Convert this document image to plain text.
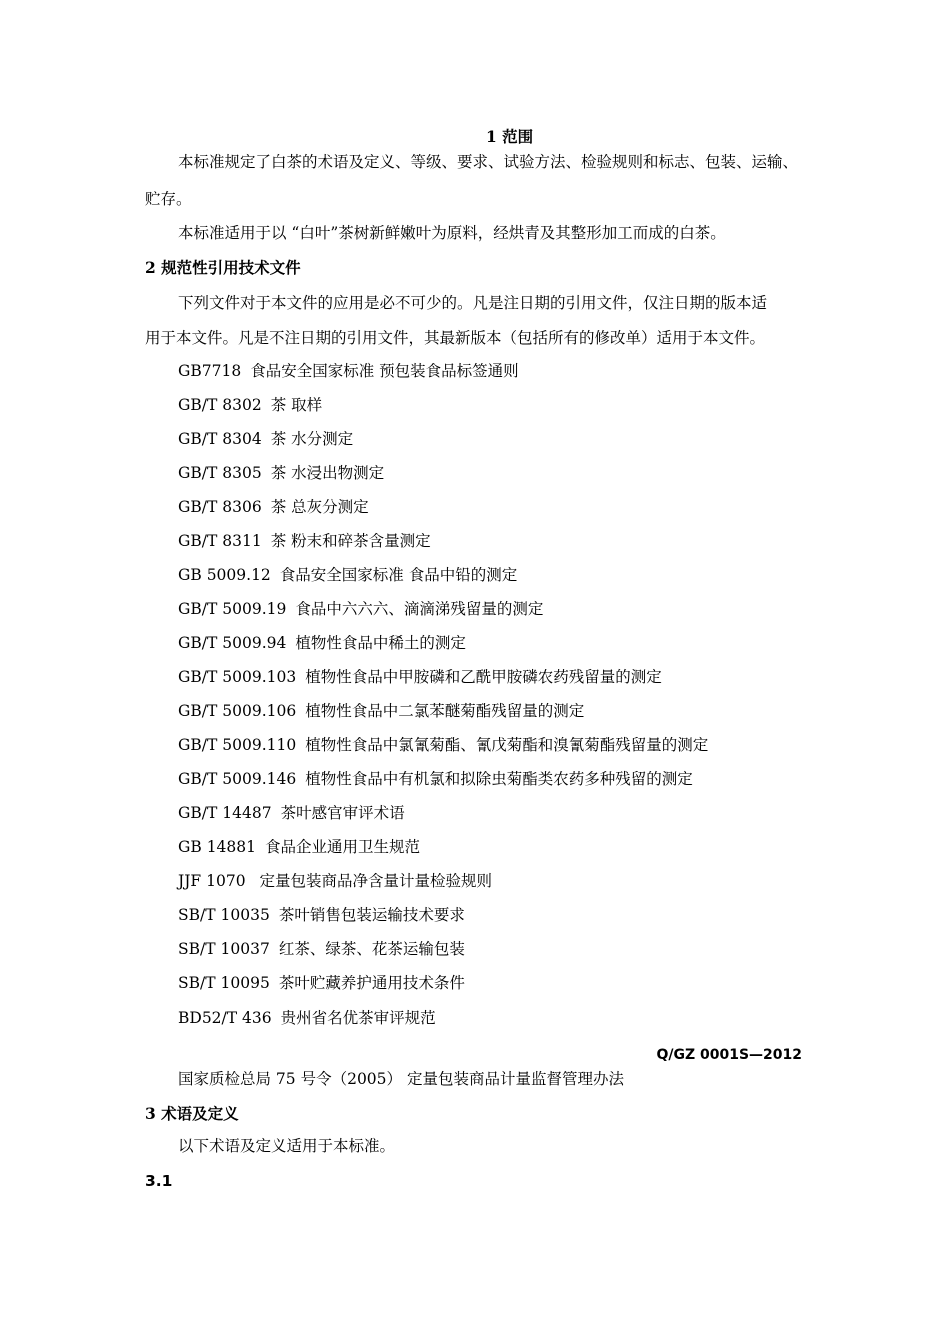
1 范围
本标准规定了白茶的术语及定义、等级、要求、试验方法、检验规则和标志、包装、运输、
贮存。
本标准适用于以 “白叶”茶树新鲜嫩叶为原料，经烘青及其整形加工而成的白茶。
2 规范性引用技术文件
下列文件对于本文件的应用是必不可少的。凡是注日期的引用文件，仅注日期的版本适
用于本文件。凡是不注日期的引用文件，其最新版本（包括所有的修改单）适用于本文件。
GB7718 食品安全国家标准 预包装食品标签通则
GB/T 8302 茶 取样
GB/T 8304 茶 水分测定
GB/T 8305 茶 水浸出物测定
GB/T 8306 茶 总灰分测定
GB/T 8311 茶 粉末和碎茶含量测定
GB 5009.12 食品安全国家标准 食品中铅的测定
GB/T 5009.19 食品中六六六、滴滴涕残留量的测定
GB/T 5009.94 植物性食品中稀土的测定
GB/T 5009.103 植物性食品中甲胺磷和乙酰甲胺磷农药残留量的测定
GB/T 5009.106 植物性食品中二氯苯醚菊酯残留量的测定
GB/T 5009.110 植物性食品中氯氰菊酯、氰戊菊酯和溴氰菊酯残留量的测定
GB/T 5009.146 植物性食品中有机氯和拟除虫菊酯类农药多种残留的测定
GB/T 14487 茶叶感官审评术语
GB 14881 食品企业通用卫生规范
JJF 1070 定量包装商品净含量计量检验规则
SB/T 10035 茶叶销售包装运输技术要求
SB/T 10037 红茶、绿茶、花茶运输包装
SB/T 10095 茶叶贮藏养护通用技术条件
BD52/T 436 贵州省名优茶审评规范
Q/GZ 0001S—2012
国家质检总局 75 号令（2005） 定量包装商品计量监督管理办法
3 术语及定义
以下术语及定义适用于本标准。
3.1
